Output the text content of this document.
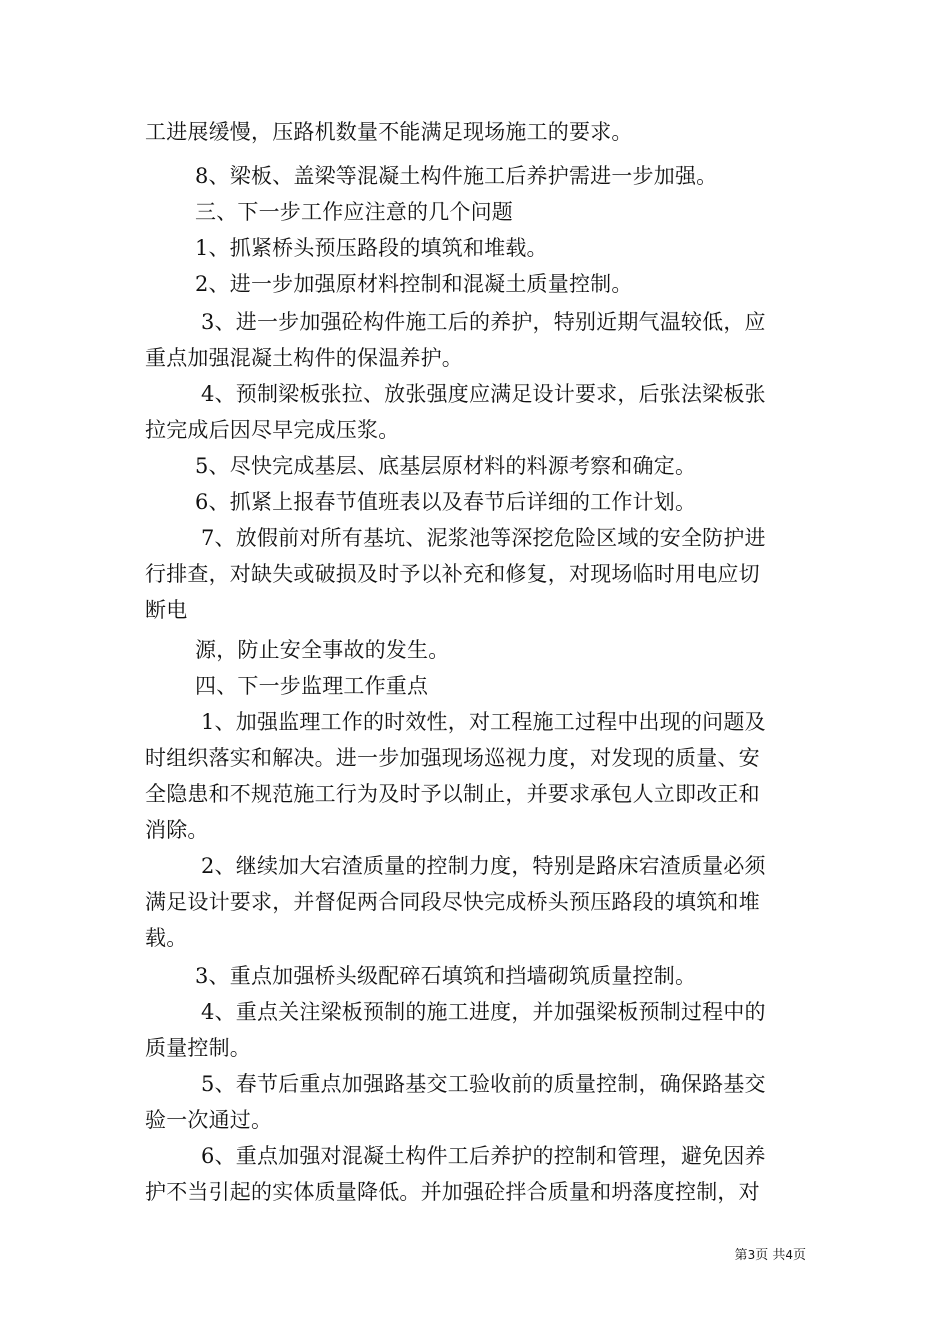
工进展缓慢，压路机数量不能满足现场施工的要求。
8、梁板、盖梁等混凝土构件施工后养护需进一步加强。
三、下一步工作应注意的几个问题
1、抓紧桥头预压路段的填筑和堆载。
2、进一步加强原材料控制和混凝土质量控制。
3、进一步加强砼构件施工后的养护，特别近期气温较低，应
重点加强混凝土构件的保温养护。
4、预制梁板张拉、放张强度应满足设计要求，后张法梁板张
拉完成后因尽早完成压浆。
5、尽快完成基层、底基层原材料的料源考察和确定。
6、抓紧上报春节值班表以及春节后详细的工作计划。
7、放假前对所有基坑、泥浆池等深挖危险区域的安全防护进
行排查，对缺失或破损及时予以补充和修复，对现场临时用电应切
断电
源，防止安全事故的发生。
四、下一步监理工作重点
1、加强监理工作的时效性，对工程施工过程中出现的问题及
时组织落实和解决。进一步加强现场巡视力度，对发现的质量、安
全隐患和不规范施工行为及时予以制止，并要求承包人立即改正和
消除。
2、继续加大宕渣质量的控制力度，特别是路床宕渣质量必须
满足设计要求，并督促两合同段尽快完成桥头预压路段的填筑和堆
载。
3、重点加强桥头级配碎石填筑和挡墙砌筑质量控制。
4、重点关注梁板预制的施工进度，并加强梁板预制过程中的
质量控制。
5、春节后重点加强路基交工验收前的质量控制，确保路基交
验一次通过。
6、重点加强对混凝土构件工后养护的控制和管理，避免因养
护不当引起的实体质量降低。并加强砼拌合质量和坍落度控制，对
第3页 共4页
